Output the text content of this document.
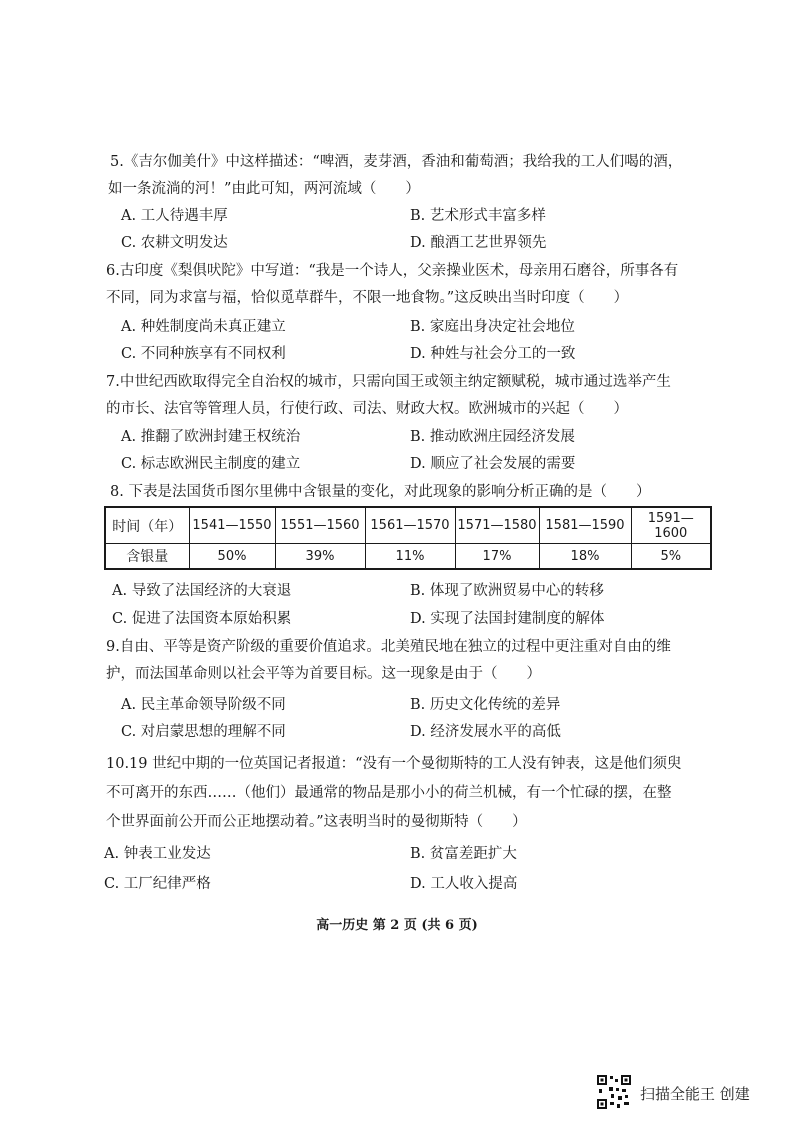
5.《吉尔伽美什》中这样描述：“啤酒，麦芽酒，香油和葡萄酒；我给我的工人们喝的酒，
如一条流淌的河！”由此可知，两河流域（　　）
A. 工人待遇丰厚	B. 艺术形式丰富多样
C. 农耕文明发达	D. 酿酒工艺世界领先
6.古印度《梨俱吠陀》中写道：“我是一个诗人，父亲操业医术，母亲用石磨谷，所事各有
不同，同为求富与福，恰似觅草群牛，不限一地食物。”这反映出当时印度（　　）
A. 种姓制度尚未真正建立	B. 家庭出身决定社会地位
C. 不同种族享有不同权利	D. 种姓与社会分工的一致
7.中世纪西欧取得完全自治权的城市，只需向国王或领主纳定额赋税，城市通过选举产生
的市长、法官等管理人员，行使行政、司法、财政大权。欧洲城市的兴起（　　）
A. 推翻了欧洲封建王权统治	B. 推动欧洲庄园经济发展
C. 标志欧洲民主制度的建立	D. 顺应了社会发展的需要
8. 下表是法国货币图尔里佛中含银量的变化，对此现象的影响分析正确的是（　　）
时间（年）	1541—1550	1551—1560	1561—1570	1571—1580	1581—1590	1591—1600
含银量	50%	39%	11%	17%	18%	5%
A. 导致了法国经济的大衰退	B. 体现了欧洲贸易中心的转移
C. 促进了法国资本原始积累	D. 实现了法国封建制度的解体
9.自由、平等是资产阶级的重要价值追求。北美殖民地在独立的过程中更注重对自由的维
护，而法国革命则以社会平等为首要目标。这一现象是由于（　　）
A. 民主革命领导阶级不同	B. 历史文化传统的差异
C. 对启蒙思想的理解不同	D. 经济发展水平的高低
10.19 世纪中期的一位英国记者报道：“没有一个曼彻斯特的工人没有钟表，这是他们须臾
不可离开的东西……（他们）最通常的物品是那小小的荷兰机械，有一个忙碌的摆，在整
个世界面前公开而公正地摆动着。”这表明当时的曼彻斯特（　　）
A. 钟表工业发达	B. 贫富差距扩大
C. 工厂纪律严格	D. 工人收入提高
高一历史 第 2 页 (共 6 页)
扫描全能王 创建
